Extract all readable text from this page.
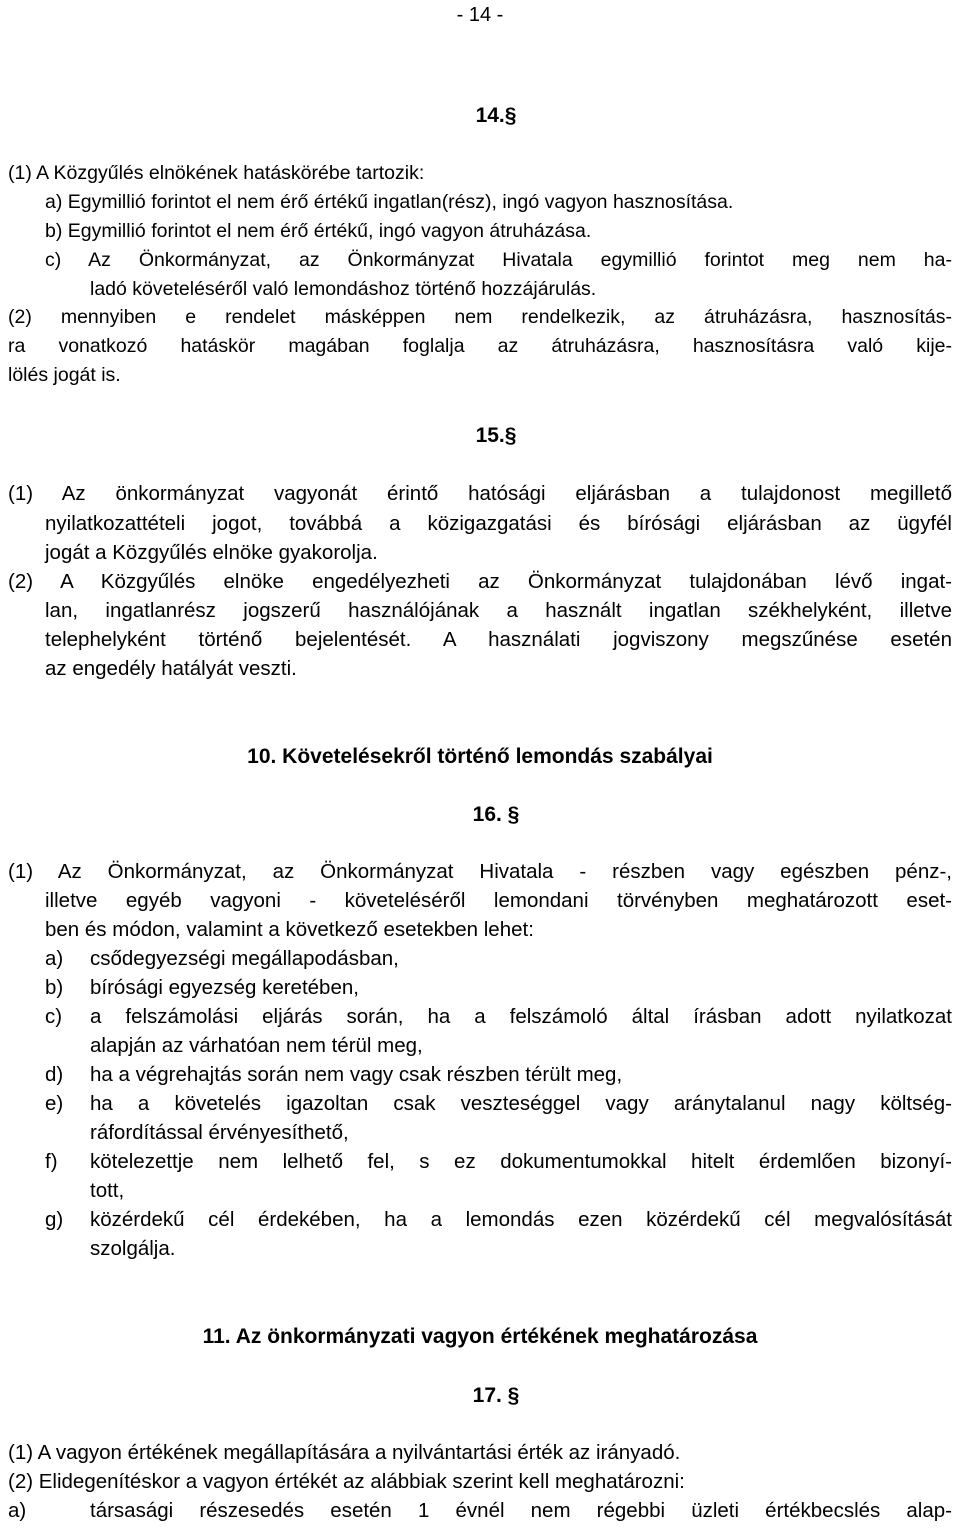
- 14 -
14.§
(1) A Közgyűlés elnökének hatáskörébe tartozik:
a) Egymillió forintot el nem érő értékű ingatlan(rész), ingó vagyon hasznosítása.
b) Egymillió forintot el nem érő értékű, ingó vagyon átruházása.
c) Az Önkormányzat, az Önkormányzat Hivatala egymillió forintot meg nem ha-
ladó követeléséről való lemondáshoz történő hozzájárulás.
(2) mennyiben e rendelet másképpen nem rendelkezik, az átruházásra, hasznosítás-
ra vonatkozó hatáskör magában foglalja az átruházásra, hasznosításra való kije-
lölés jogát is.
15.§
(1) Az önkormányzat vagyonát érintő hatósági eljárásban a tulajdonost megillető
nyilatkozattételi jogot, továbbá a közigazgatási és bírósági eljárásban az ügyfél
jogát a Közgyűlés elnöke gyakorolja.
(2) A Közgyűlés elnöke engedélyezheti az Önkormányzat tulajdonában lévő ingat-
lan, ingatlanrész jogszerű használójának a használt ingatlan székhelyként, illetve
telephelyként történő bejelentését. A használati jogviszony megszűnése esetén
az engedély hatályát veszti.
10. Követelésekről történő lemondás szabályai
16. §
(1) Az Önkormányzat, az Önkormányzat Hivatala - részben vagy egészben pénz-,
illetve egyéb vagyoni - követeléséről lemondani törvényben meghatározott eset-
ben és módon, valamint a következő esetekben lehet:
a) csődegyezségi megállapodásban,
b) bírósági egyezség keretében,
c) a felszámolási eljárás során, ha a felszámoló által írásban adott nyilatkozat
alapján az várhatóan nem térül meg,
d) ha a végrehajtás során nem vagy csak részben térült meg,
e) ha a követelés igazoltan csak veszteséggel vagy aránytalanul nagy költség-
ráfordítással érvényesíthető,
f) kötelezettje nem lelhető fel, s ez dokumentumokkal hitelt érdemlően bizonyí-
tott,
g) közérdekű cél érdekében, ha a lemondás ezen közérdekű cél megvalósítását
szolgálja.
11. Az önkormányzati vagyon értékének meghatározása
17. §
(1) A vagyon értékének megállapítására a nyilvántartási érték az irányadó.
(2) Elidegenítéskor a vagyon értékét az alábbiak szerint kell meghatározni:
a)	társasági részesedés esetén 1 évnél nem régebbi üzleti értékbecslés alap-
